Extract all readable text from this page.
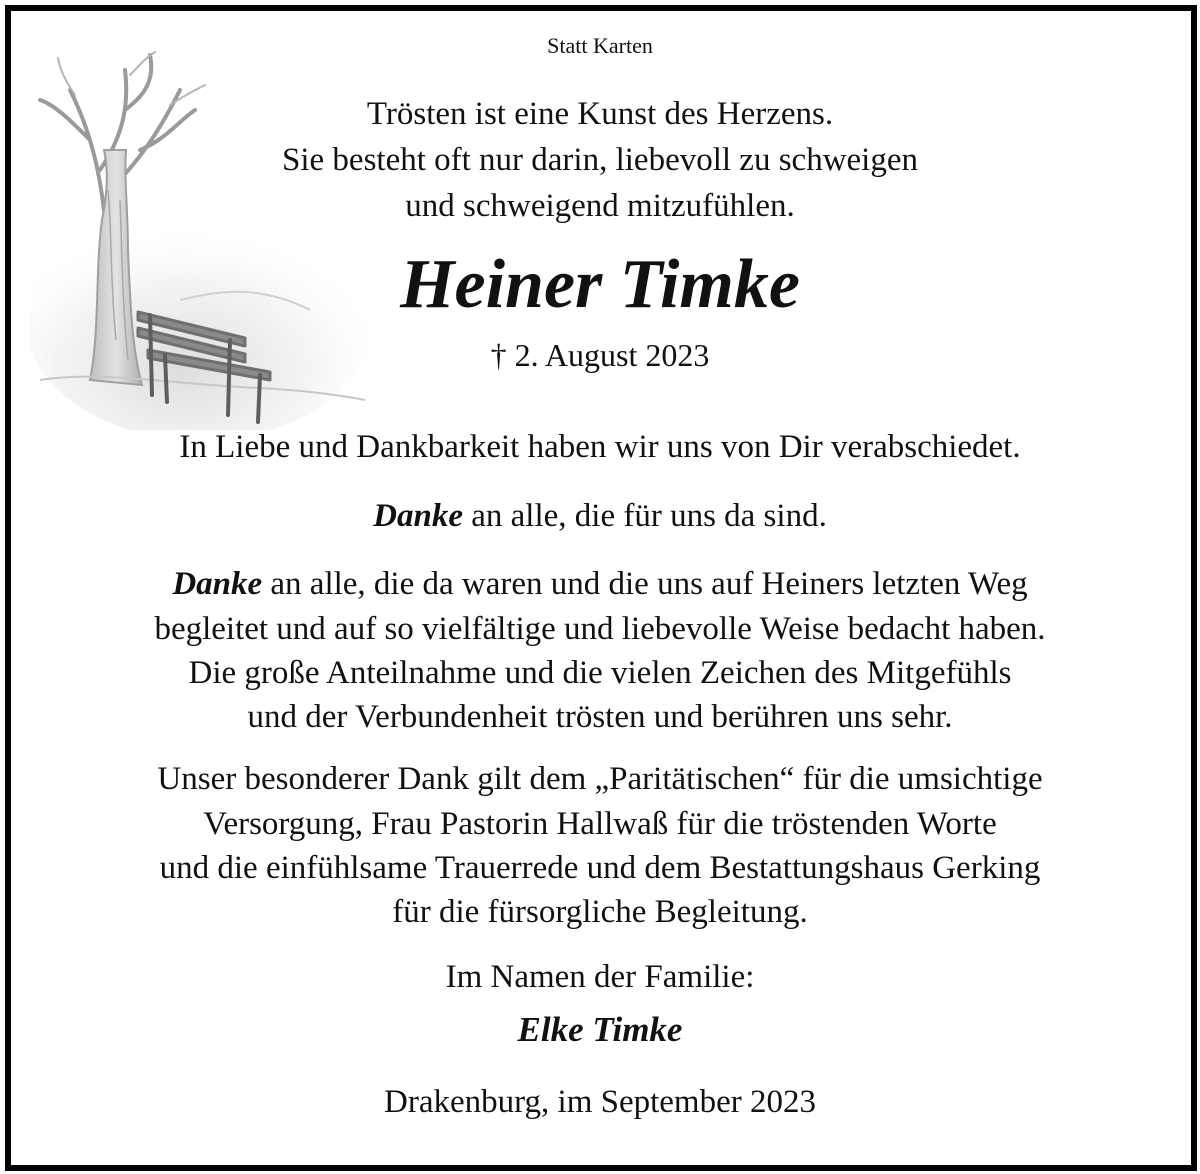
Statt Karten

Trösten ist eine Kunst des Herzens.

Sie besteht oft nur darin, liebevoll zu schweigen

und schweigend mitzufühlen.

Heiner Timke

† 2. August 2023

In Liebe und Dankbarkeit haben wir uns von Dir verabschiedet.

Danke an alle, die für uns da sind.

Danke an alle, die da waren und die uns auf Heiners letzten Weg

begleitet und auf so vielfältige und liebevolle Weise bedacht haben.

Die große Anteilnahme und die vielen Zeichen des Mitgefühls

und der Verbundenheit trösten und berühren uns sehr.

Unser besonderer Dank gilt dem „Paritätischen“ für die umsichtige

Versorgung, Frau Pastorin Hallwaß für die tröstenden Worte

und die einfühlsame Trauerrede und dem Bestattungshaus Gerking

für die fürsorgliche Begleitung.

Im Namen der Familie:

Elke Timke

Drakenburg, im September 2023
